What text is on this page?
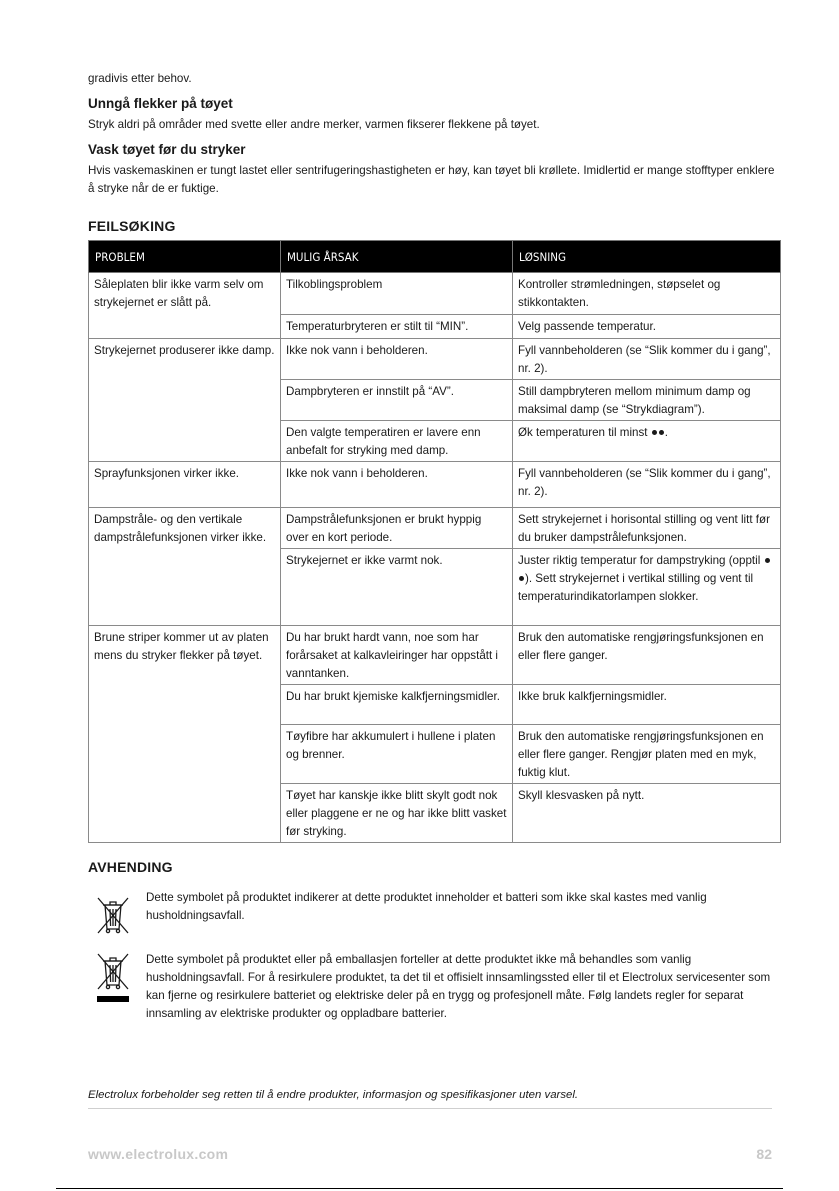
gradivis etter behov.

Unngå flekker på tøyet

Stryk aldri på områder med svette eller andre merker, varmen fikserer flekkene på tøyet.

Vask tøyet før du stryker

Hvis vaskemaskinen er tungt lastet eller sentrifugeringshastigheten er høy, kan tøyet bli krøllete. Imidlertid er mange stofftyper enklere å stryke når de er fuktige.

FEILSØKING
PROBLEM	MULIG ÅRSAK	LØSNING
Såleplaten blir ikke varm selv om strykejernet er slått på.	Tilkoblingsproblem	Kontroller strømledningen, støpselet og stikkontakten.
	Temperaturbryteren er stilt til “MIN”.	Velg passende temperatur.
Strykejernet produserer ikke damp.	Ikke nok vann i beholderen.	Fyll vannbeholderen (se “Slik kommer du i gang”, nr. 2).
	Dampbryteren er innstilt på “AV”.	Still dampbryteren mellom minimum damp og maksimal damp (se “Strykdiagram”).
	Den valgte temperatiren er lavere enn anbefalt for stryking med damp.	Øk temperaturen til minst .
Sprayfunksjonen virker ikke.	Ikke nok vann i beholderen.	Fyll vannbeholderen (se “Slik kommer du i gang”, nr. 2).
Dampstråle- og den vertikale dampstrålefunksjonen virker ikke.	Dampstrålefunksjonen er brukt hyppig over en kort periode.	Sett strykejernet i horisontal stilling og vent litt før du bruker dampstrålefunksjonen.
	Strykejernet er ikke varmt nok.	Juster riktig temperatur for dampstryking (opptil ). Sett strykejernet i vertikal stilling og vent til temperaturindikatorlampen slokker.
Brune striper kommer ut av platen mens du stryker flekker på tøyet.	Du har brukt hardt vann, noe som har forårsaket at kalkavleiringer har oppstått i vanntanken.	Bruk den automatiske rengjøringsfunksjonen en eller flere ganger.
	Du har brukt kjemiske kalkfjerningsmidler.	Ikke bruk kalkfjerningsmidler.
	Tøyfibre har akkumulert i hullene i platen og brenner.	Bruk den automatiske rengjøringsfunksjonen en eller flere ganger. Rengjør platen med en myk, fuktig klut.
	Tøyet har kanskje ikke blitt skylt godt nok eller plaggene er ne og har ikke blitt vasket før stryking.	Skyll klesvasken på nytt.
AVHENDING
Dette symbolet på produktet indikerer at dette produktet inneholder et batteri som ikke skal kastes med vanlig husholdningsavfall.
Dette symbolet på produktet eller på emballasjen forteller at dette produktet ikke må behandles som vanlig husholdningsavfall. For å resirkulere produktet, ta det til et offisielt innsamlingssted eller til et Electrolux servicesenter som kan fjerne og resirkulere batteriet og elektriske deler på en trygg og profesjonell måte. Følg landets regler for separat innsamling av elektriske produkter og oppladbare batterier.
Electrolux forbeholder seg retten til å endre produkter, informasjon og spesifikasjoner uten varsel.
www.electrolux.com	82
